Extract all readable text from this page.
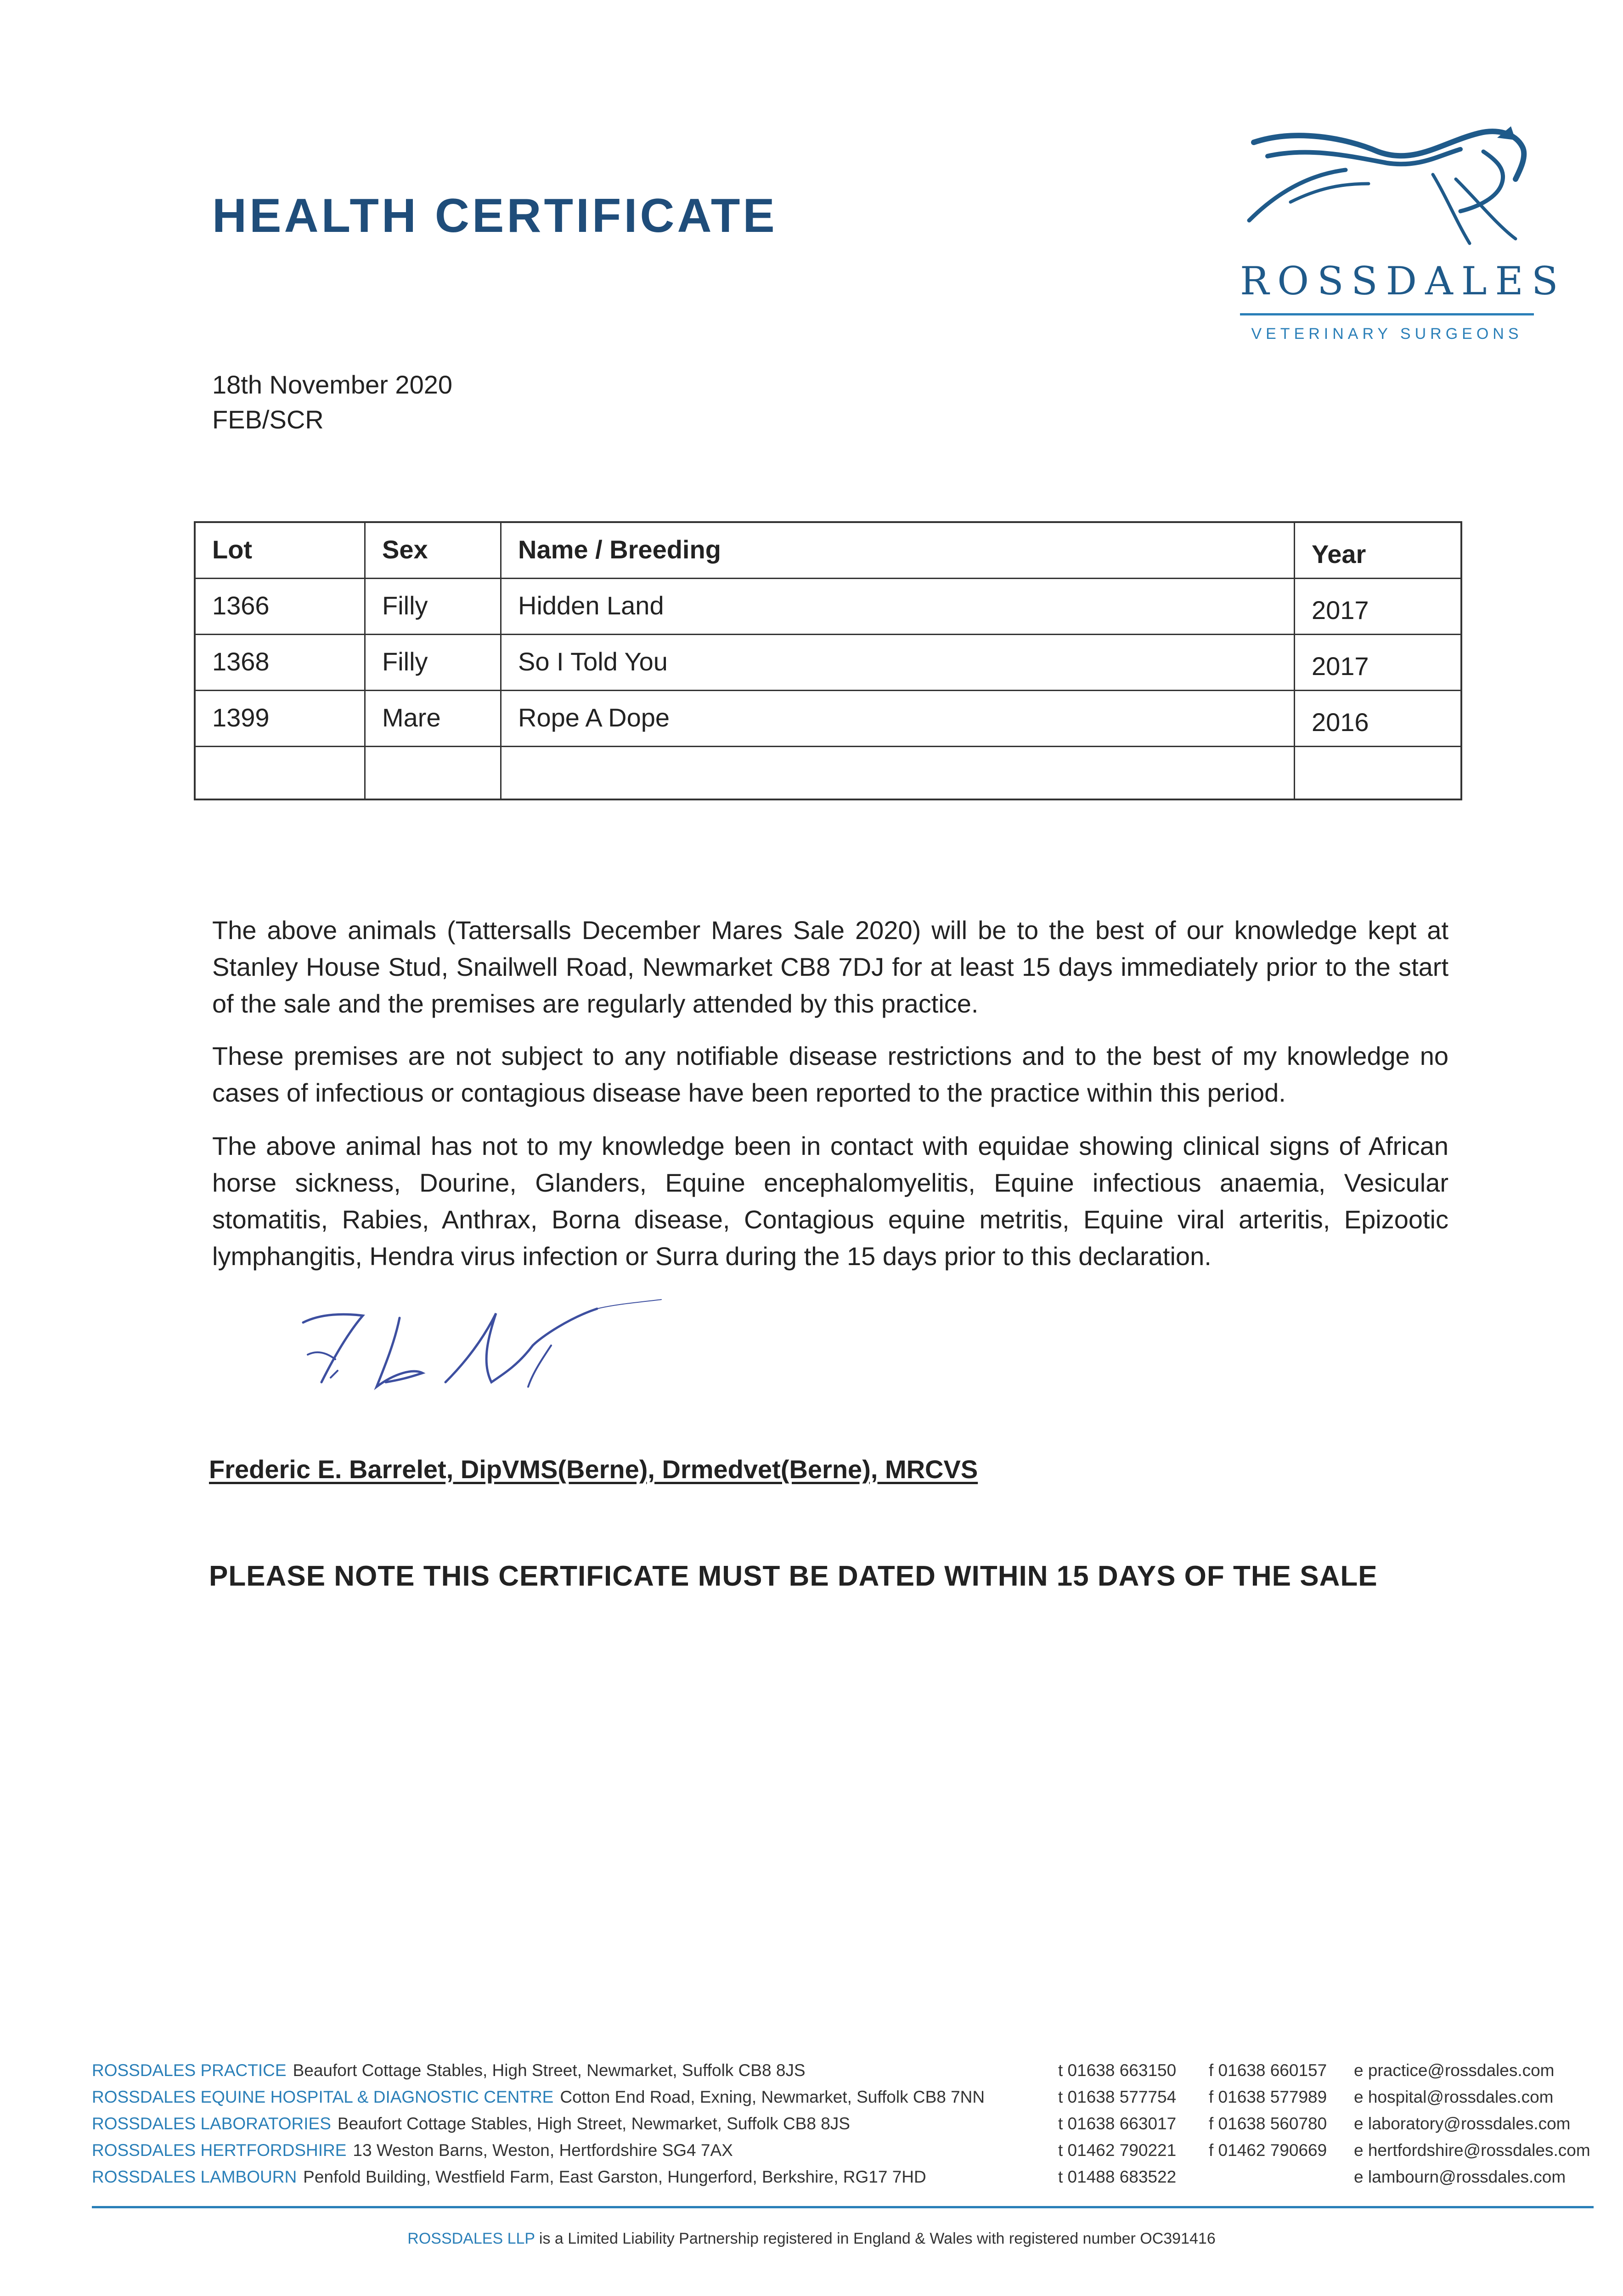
HEALTH CERTIFICATE
ROSSDALES
VETERINARY SURGEONS
18th November 2020
FEB/SCR
Lot	Sex	Name / Breeding	Year
1366	Filly	Hidden Land	2017
1368	Filly	So I Told You	2017
1399	Mare	Rope A Dope	2016
The above animals (Tattersalls December Mares Sale 2020) will be to the best of our knowledge kept at Stanley House Stud, Snailwell Road, Newmarket CB8 7DJ for at least 15 days immediately prior to the start of the sale and the premises are regularly attended by this practice.
These premises are not subject to any notifiable disease restrictions and to the best of my knowledge no cases of infectious or contagious disease have been reported to the practice within this period.
The above animal has not to my knowledge been in contact with equidae showing clinical signs of African horse sickness, Dourine, Glanders, Equine encephalomyelitis, Equine infectious anaemia, Vesicular stomatitis, Rabies, Anthrax, Borna disease, Contagious equine metritis, Equine viral arteritis, Epizootic lymphangitis, Hendra virus infection or Surra during the 15 days prior to this declaration.
Frederic E. Barrelet, DipVMS(Berne), Drmedvet(Berne), MRCVS
PLEASE NOTE THIS CERTIFICATE MUST BE DATED WITHIN 15 DAYS OF THE SALE
ROSSDALES PRACTICE Beaufort Cottage Stables, High Street, Newmarket, Suffolk CB8 8JS	t 01638 663150 f 01638 660157 e practice@rossdales.com
ROSSDALES EQUINE HOSPITAL & DIAGNOSTIC CENTRE Cotton End Road, Exning, Newmarket, Suffolk CB8 7NN	t 01638 577754 f 01638 577989 e hospital@rossdales.com
ROSSDALES LABORATORIES Beaufort Cottage Stables, High Street, Newmarket, Suffolk CB8 8JS	t 01638 663017 f 01638 560780 e laboratory@rossdales.com
ROSSDALES HERTFORDSHIRE 13 Weston Barns, Weston, Hertfordshire SG4 7AX	t 01462 790221 f 01462 790669 e hertfordshire@rossdales.com
ROSSDALES LAMBOURN Penfold Building, Westfield Farm, East Garston, Hungerford, Berkshire, RG17 7HD	t 01488 683522	e lambourn@rossdales.com
ROSSDALES LLP is a Limited Liability Partnership registered in England & Wales with registered number OC391416
